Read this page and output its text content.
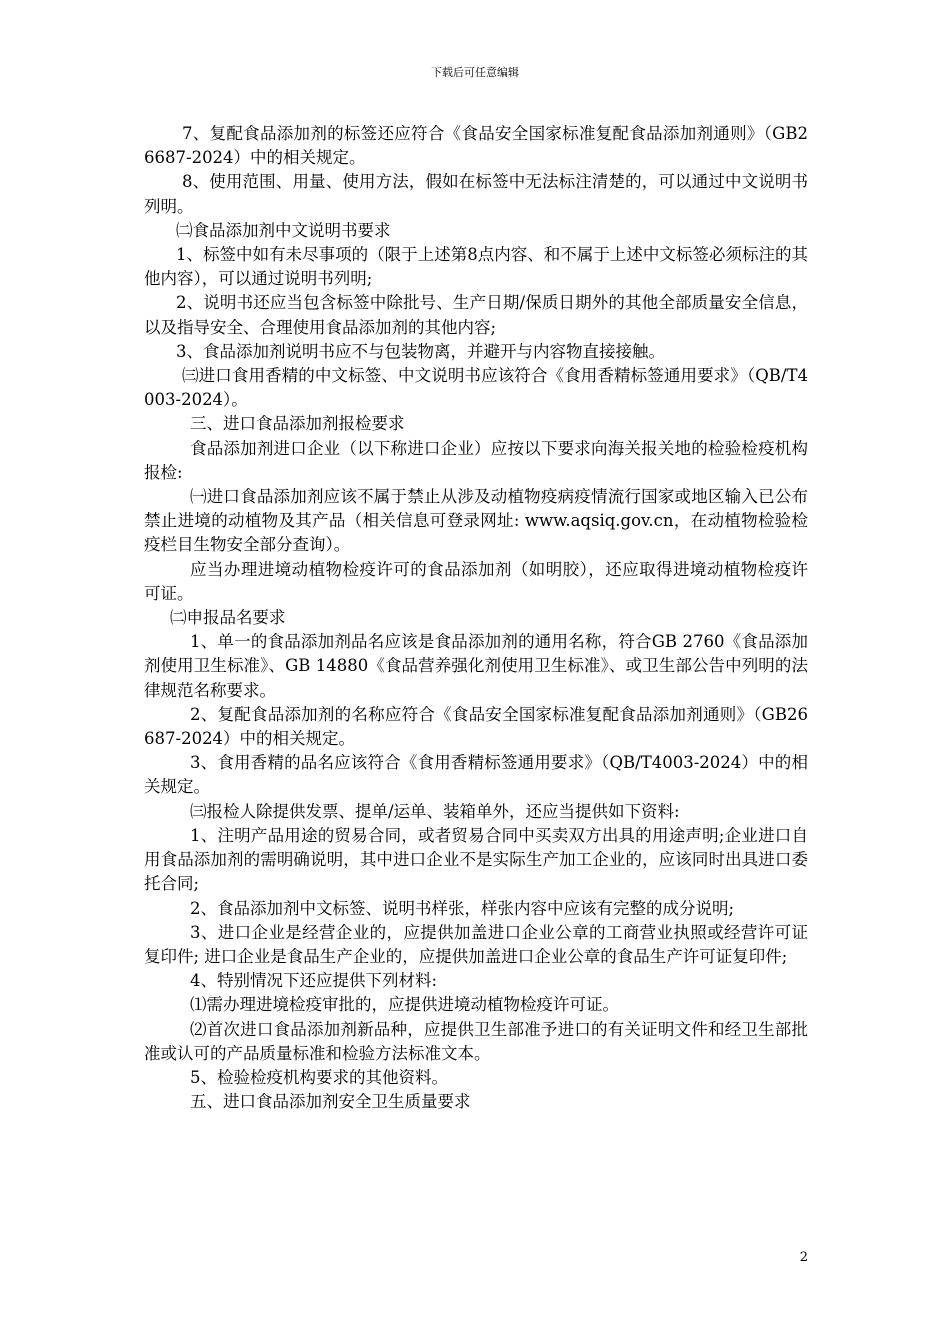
下载后可任意编辑

7、复配食品添加剂的标签还应符合《食品安全国家标准复配食品添加剂通则》（GB26687-2024）中的相关规定。

8、使用范围、用量、使用方法，假如在标签中无法标注清楚的，可以通过中文说明书列明。

㈡食品添加剂中文说明书要求

1、标签中如有未尽事项的（限于上述第8点内容、和不属于上述中文标签必须标注的其他内容），可以通过说明书列明;

2、说明书还应当包含标签中除批号、生产日期/保质日期外的其他全部质量安全信息，以及指导安全、合理使用食品添加剂的其他内容;

3、食品添加剂说明书应不与包装物离，并避开与内容物直接接触。

㈢进口食用香精的中文标签、中文说明书应该符合《食用香精标签通用要求》（QB/T4003-2024）。

三、进口食品添加剂报检要求

食品添加剂进口企业（以下称进口企业）应按以下要求向海关报关地的检验检疫机构报检:

㈠进口食品添加剂应该不属于禁止从涉及动植物疫病疫情流行国家或地区输入已公布禁止进境的动植物及其产品（相关信息可登录网址: www.aqsiq.gov.cn，在动植物检验检疫栏目生物安全部分查询）。

应当办理进境动植物检疫许可的食品添加剂（如明胶），还应取得进境动植物检疫许可证。

㈡申报品名要求

1、单一的食品添加剂品名应该是食品添加剂的通用名称，符合GB 2760《食品添加剂使用卫生标准》、GB 14880《食品营养强化剂使用卫生标准》、或卫生部公告中列明的法律规范名称要求。

2、复配食品添加剂的名称应符合《食品安全国家标准复配食品添加剂通则》（GB26687-2024）中的相关规定。

3、食用香精的品名应该符合《食用香精标签通用要求》（QB/T4003-2024）中的相关规定。

㈢报检人除提供发票、提单/运单、装箱单外，还应当提供如下资料:

1、注明产品用途的贸易合同，或者贸易合同中买卖双方出具的用途声明;企业进口自用食品添加剂的需明确说明，其中进口企业不是实际生产加工企业的，应该同时出具进口委托合同;

2、食品添加剂中文标签、说明书样张，样张内容中应该有完整的成分说明;

3、进口企业是经营企业的，应提供加盖进口企业公章的工商营业执照或经营许可证复印件; 进口企业是食品生产企业的，应提供加盖进口企业公章的食品生产许可证复印件;

4、特别情况下还应提供下列材料:

⑴需办理进境检疫审批的，应提供进境动植物检疫许可证。

⑵首次进口食品添加剂新品种，应提供卫生部准予进口的有关证明文件和经卫生部批准或认可的产品质量标准和检验方法标准文本。

5、检验检疫机构要求的其他资料。

五、进口食品添加剂安全卫生质量要求

2
